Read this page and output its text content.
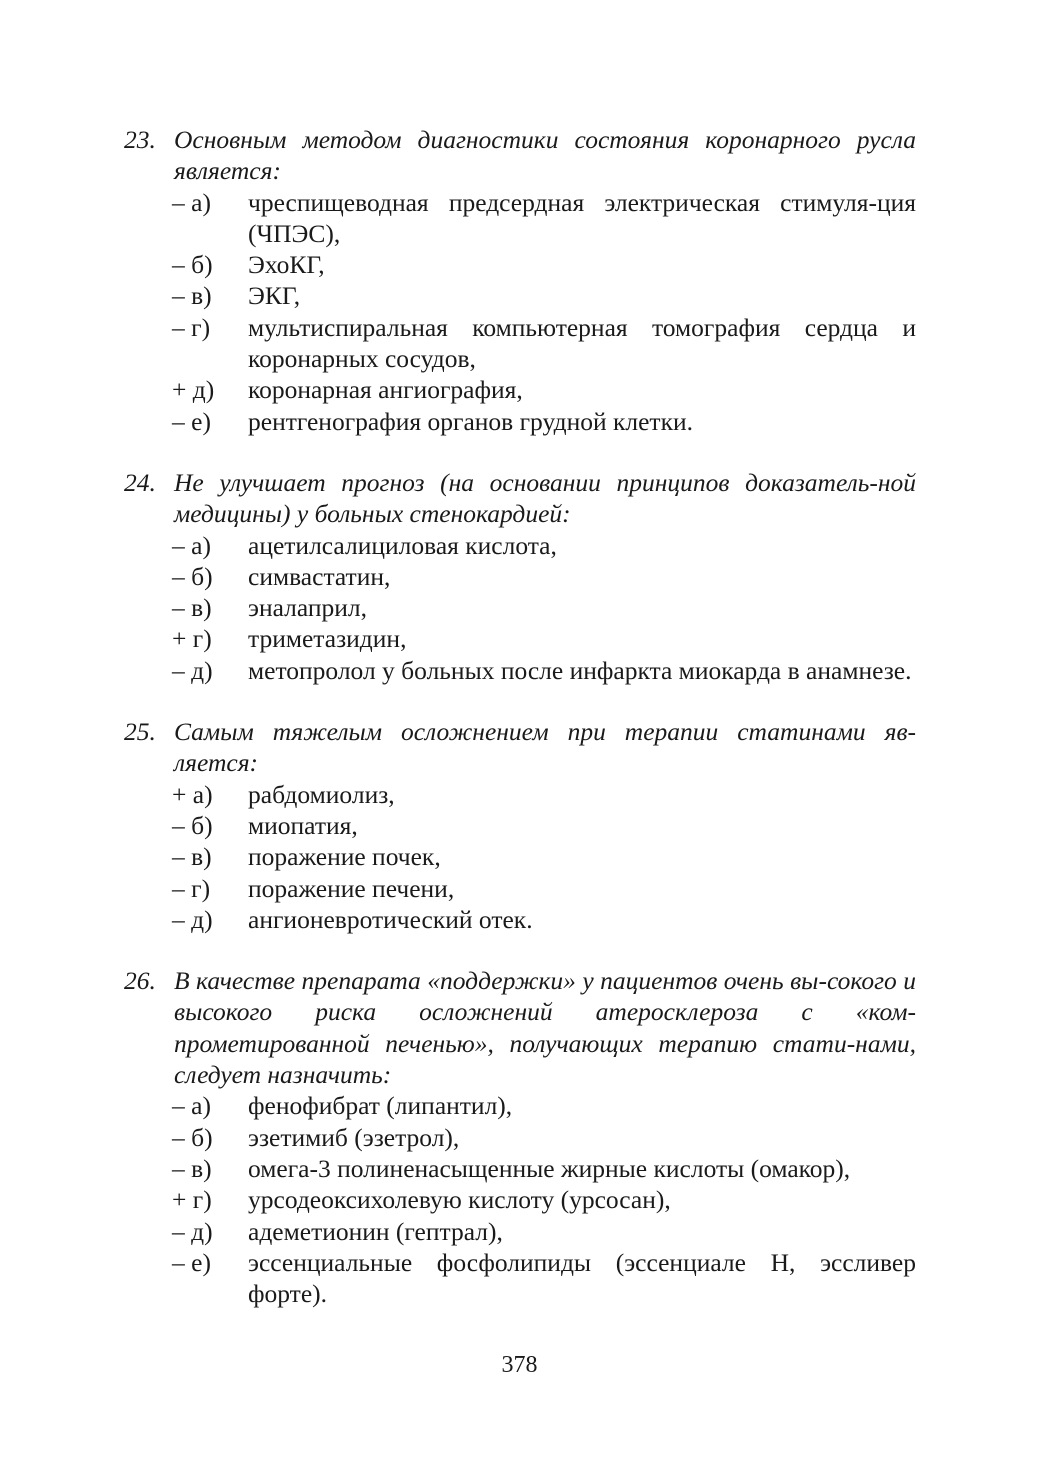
23. Основным методом диагностики состояния коронарного русла является:
– а) чреспищеводная предсердная электрическая стимуля-ция (ЧПЭС),
– б) ЭхоКГ,
– в) ЭКГ,
– г) мультиспиральная компьютерная томография сердца и коронарных сосудов,
+ д) коронарная ангиография,
– е) рентгенография органов грудной клетки.
24. Не улучшает прогноз (на основании принципов доказатель-ной медицины) у больных стенокардией:
– а) ацетилсалициловая кислота,
– б) симвастатин,
– в) эналаприл,
+ г) триметазидин,
– д) метопролол у больных после инфаркта миокарда в анамнезе.
25. Самым тяжелым осложнением при терапии статинами яв-ляется:
+ а) рабдомиолиз,
– б) миопатия,
– в) поражение почек,
– г) поражение печени,
– д) ангионевротический отек.
26. В качестве препарата «поддержки» у пациентов очень вы-сокого и высокого риска осложнений атеросклероза с «ком-прометированной печенью», получающих терапию стати-нами, следует назначить:
– а) фенофибрат (липантил),
– б) эзетимиб (эзетрол),
– в) омега-3 полиненасыщенные жирные кислоты (омакор),
+ г) урсодеоксихолевую кислоту (урсосан),
– д) адеметионин (гептрал),
– е) эссенциальные фосфолипиды (эссенциале Н, эссливер форте).
378
